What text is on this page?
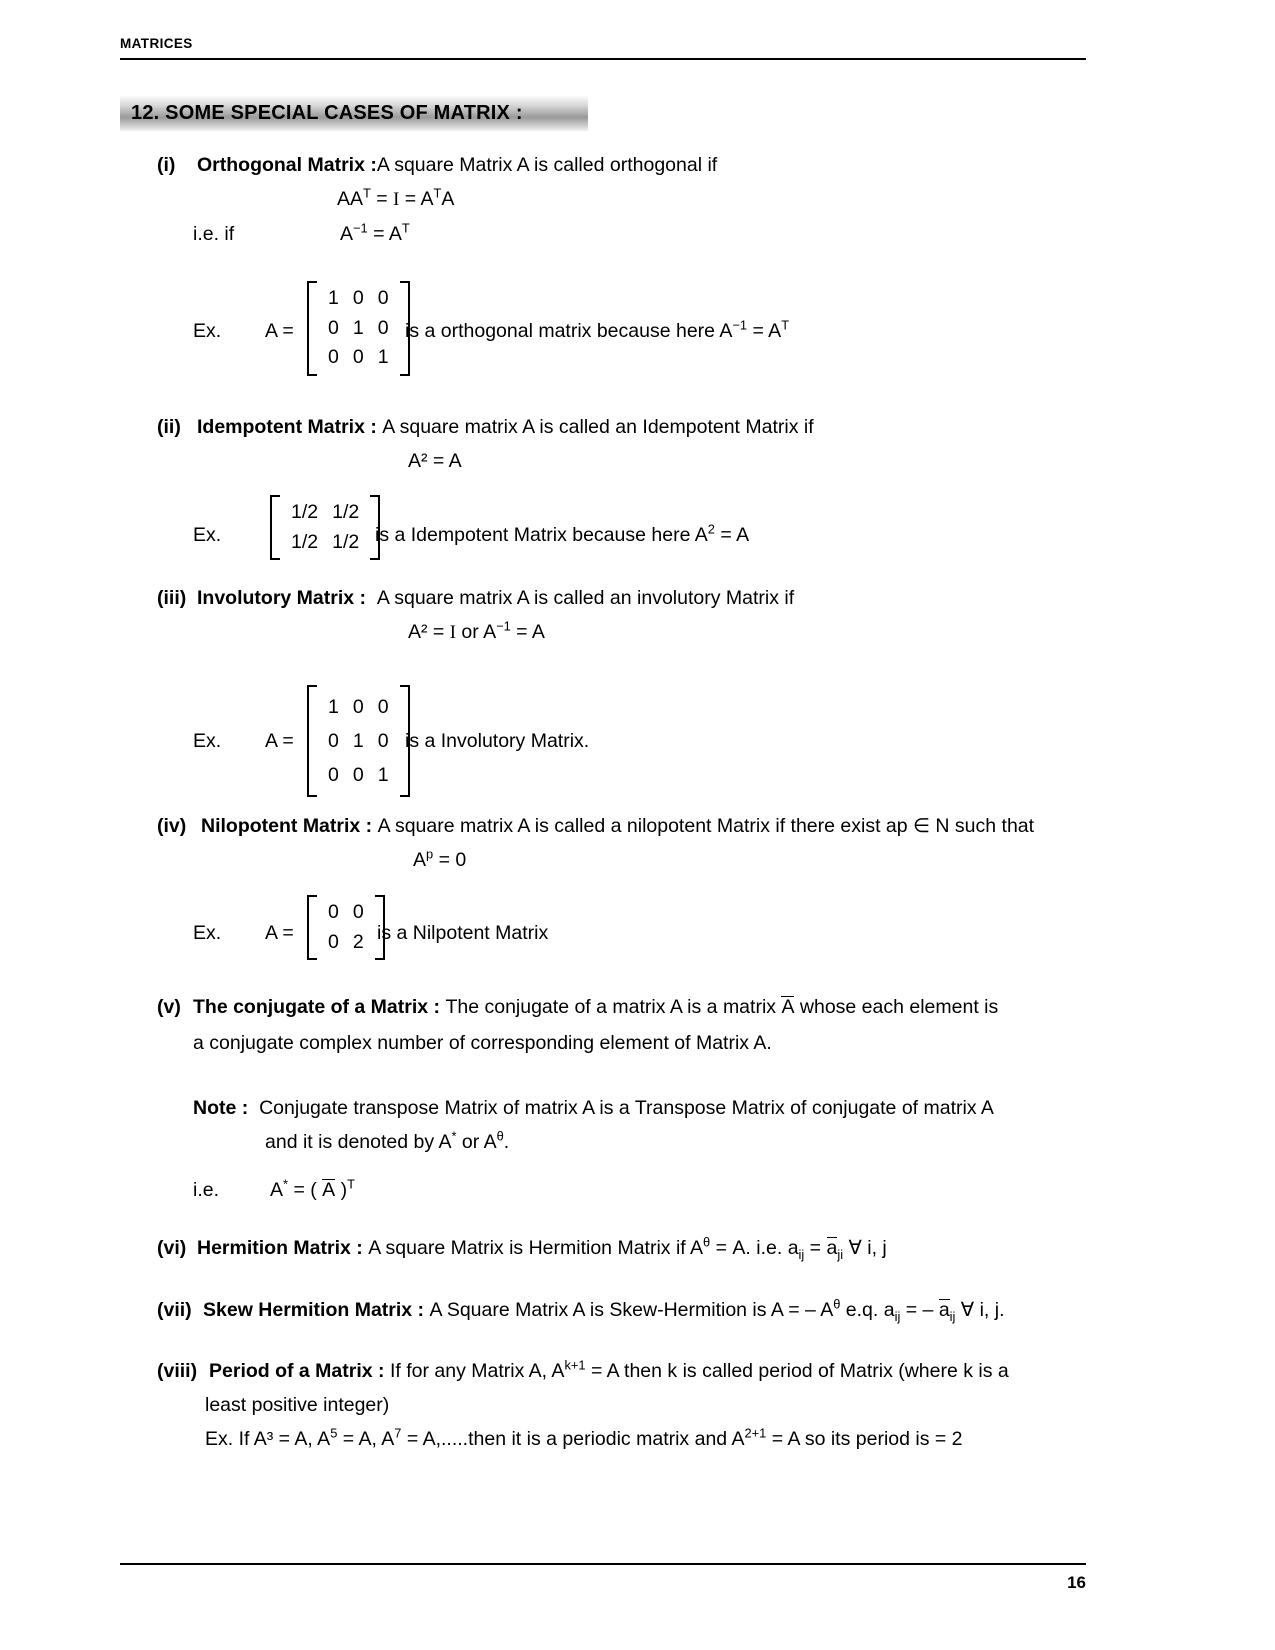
MATRICES
12. SOME SPECIAL CASES OF MATRIX :
(i) Orthogonal Matrix :A square Matrix A is called orthogonal if
$AA^T = I = A^TA$
i.e. if	$A^{-1} = A^T$
Ex. A =
1 0 0
0 1 0
0 0 1
is a orthogonal matrix because here $A^{-1} = A^T$
(ii) Idempotent Matrix : A square matrix A is called an Idempotent Matrix if
A² = A
Ex.
1/2 1/2
1/2 1/2 is a Idempotent Matrix because here $A^2 = A$
(iii) Involutory Matrix : A square matrix A is called an involutory Matrix if
A² = I or $A^{-1} = A$
Ex. A =
1 0 0
0 1 0
0 0 1
is a Involutory Matrix.
(iv) Nilopotent Matrix : A square matrix A is called a nilopotent Matrix if there exist ap ∈ N such that
$A^p = 0$
Ex. A =
0 0
0 2 is a Nilpotent Matrix
(v) The conjugate of a Matrix : The conjugate of a matrix A is a matrix A whose each element is
a conjugate complex number of corresponding element of Matrix A.
Note : Conjugate transpose Matrix of matrix A is a Transpose Matrix of conjugate of matrix A
and it is denoted by A* or $A^\theta$.
i.e.	A* = ( A )$^T$
(vi) Hermition Matrix : A square Matrix is Hermition Matrix if $A^\theta = A$. i.e. $a_{ij} = a_{ji}$ ∀ i, j
(vii) Skew Hermition Matrix : A Square Matrix A is Skew-Hermition is A = – $A^\theta$ e.q. $a_{ij}$ = – $a_{ij}$ ∀ i, j.
(viii) Period of a Matrix : If for any Matrix A, $A^{k+1} = A$ then k is called period of Matrix (where k is a
least positive integer)
Ex. If A³ = A, $A^5 = A$, $A^7$ = A,.....then it is a periodic matrix and $A^{2+1} = A$ so its period is = 2
16
